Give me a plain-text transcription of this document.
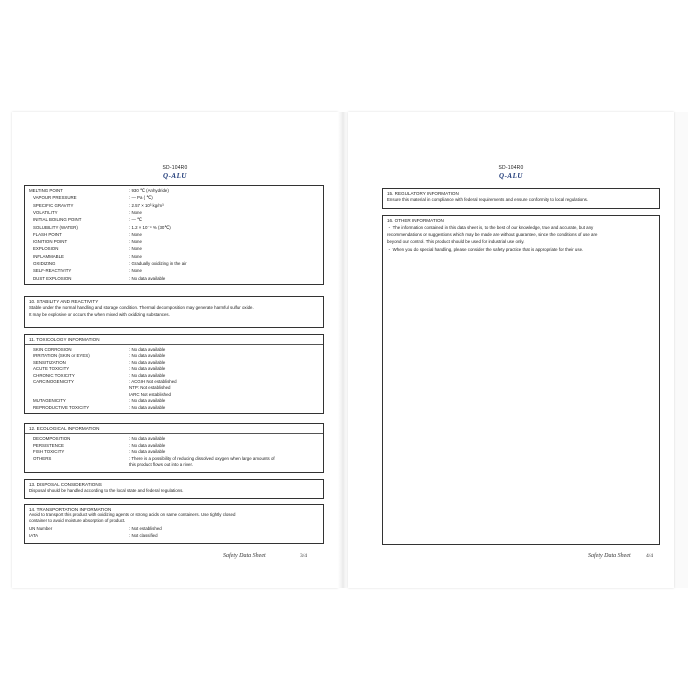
SD-104R0
Q-ALU
MELTING POINT	: 930 ℃ (Anhydride)
VAPOUR PRESSURE	: — Pa ( ℃)
SPECIFIC GRAVITY	: 2.57 × 10³ kg/m³
VOLATILITY	: None
INITIAL BOILING POINT	: — ℃
SOLUBILITY (WATER)	: 1.2 × 10⁻⁴ % (30℃)
FLASH POINT	: None
IGNITION POINT	: None
EXPLOSION	: None
INFLAMMABLE	: None
OXIDIZING	: Gradually oxidizing in the air
SELF-REACTIVITY	: None
DUST EXPLOSION	: No data available
10. STABILITY AND REACTIVITY
Stable under the normal handling and storage condition. Thermal decomposition may generate harmful sulfur oxide.
It may be explosive or occurs the when mixed with oxidizing substances.
11. TOXICOLOGY INFORMATION
SKIN CORROSION	: No data available
IRRITATION (SKIN or EYES)	: No data available
SENSITIZATION	: No data available
ACUTE TOXICITY	: No data available
CHRONIC TOXICITY	: No data available
CARCINOGENICITY	: ACGIH Not established
NTP: Not established
IARC Not established
MUTAGENICITY	: No data available
REPRODUCTIVE TOXICITY	: No data available
12. ECOLOGICAL INFORMATION
DECOMPOSITION	: No data available
PERSISTENCE	: No data available
FISH TOXICITY	: No data available
OTHERS	: There is a possibility of reducing dissolved oxygen when large amounts of
this product flows out into a river.
13. DISPOSAL CONSIDERATIONS
Disposal should be handled according to the local state and federal regulations.
14. TRANSPORTATION INFORMATION
Avoid to transport this product with oxidizing agents or strong acids on same containers. Use tightly closed
container to avoid moisture absorption of product.
UN Number	: Not established
IATA	: Not classified
Safety Data Sheet	3/4
SD-104R0
Q-ALU
15. REGULATORY INFORMATION
Ensure this material in compliance with federal requirements and ensure conformity to local regulations.
16. OTHER INFORMATION
・ The information contained in this data sheet is, to the best of our knowledge, true and accurate, but any
recommendations or suggestions which may be made are without guarantee, since the conditions of use are
beyond our control. This product should be used for industrial use only.
・ When you do special handling, please consider the safety practice that is appropriate for their use.
Safety Data Sheet	4/4
